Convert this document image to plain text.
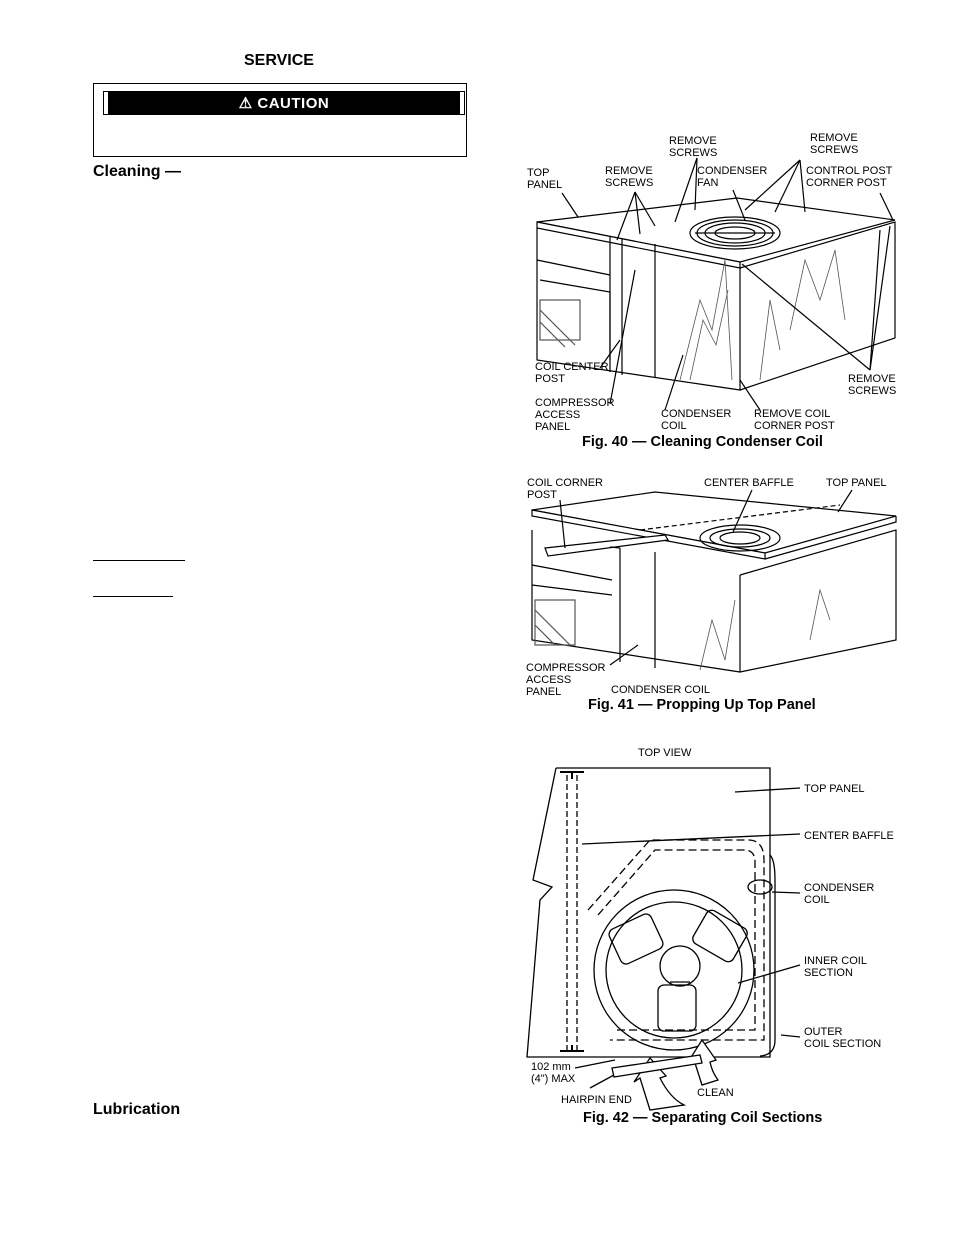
SERVICE
⚠ CAUTION
Cleaning —
Lubrication
TOP
PANEL
REMOVE
SCREWS
REMOVE
SCREWS
CONDENSER
FAN
REMOVE
SCREWS
CONTROL POST
CORNER POST
COIL CENTER
POST
COMPRESSOR
ACCESS
PANEL
CONDENSER
COIL
REMOVE COIL
CORNER POST
REMOVE
SCREWS
Fig. 40 — Cleaning Condenser Coil
COIL CORNER
POST
CENTER BAFFLE	TOP PANEL
COMPRESSOR
ACCESS
PANEL	CONDENSER COIL
Fig. 41 — Propping Up Top Panel
TOP VIEW
TOP PANEL
CENTER BAFFLE
CONDENSER
COIL
INNER COIL
SECTION
OUTER
COIL SECTION
102 mm
(4") MAX
CLEAN
HAIRPIN END
Fig. 42 — Separating Coil Sections
